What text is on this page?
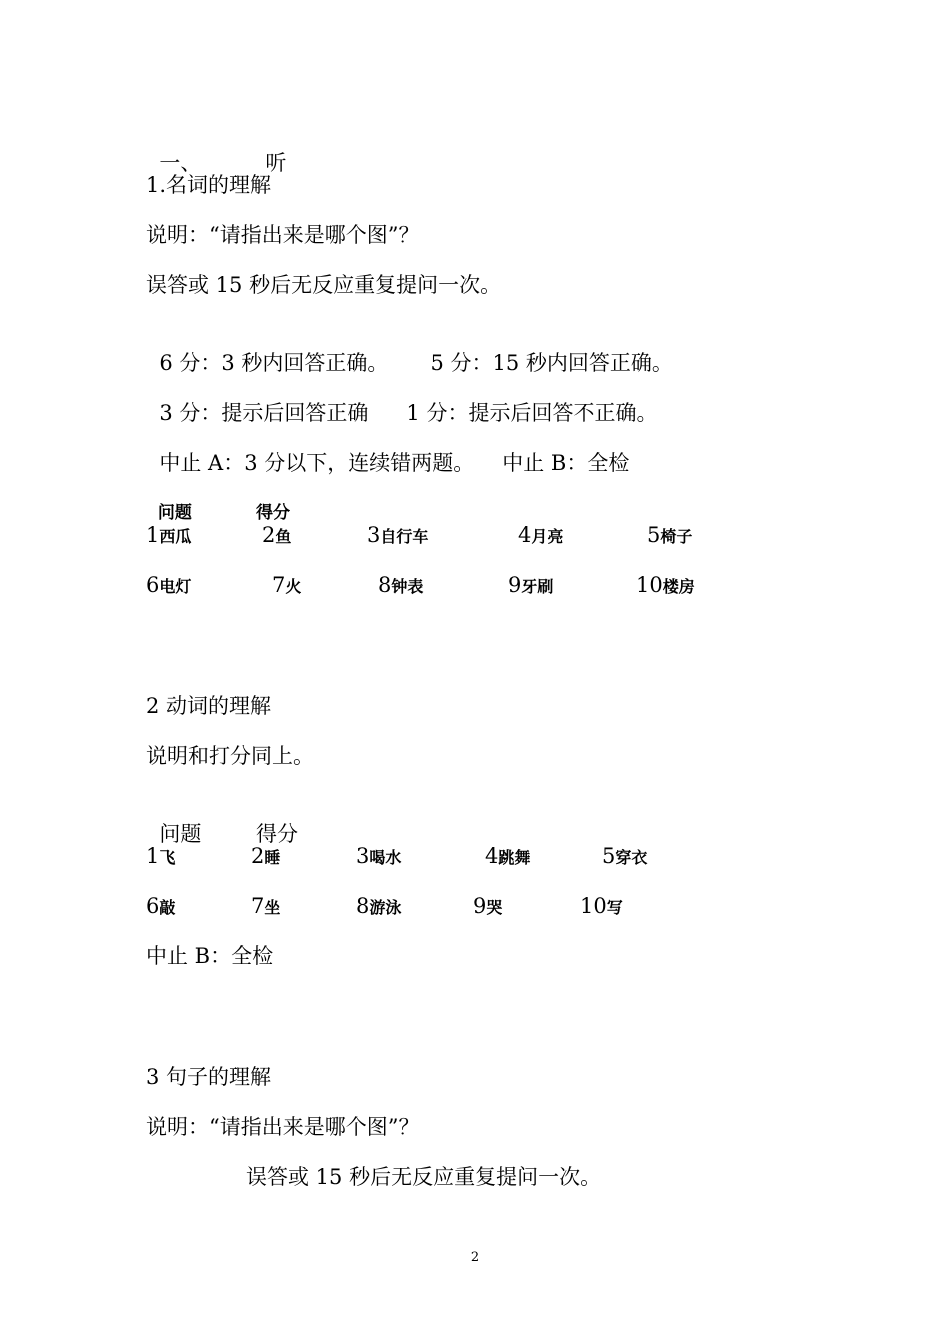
一、	听

1.名词的理解
说明：“请指出来是哪个图”？
误答或 15 秒后无反应重复提问一次。

6 分：3 秒内回答正确。 5 分：15 秒内回答正确。

3 分：提示后回答正确 1 分：提示后回答不正确。

中止 A：3 分以下，连续错两题。 中止 B：全检

问题	得分

1西瓜	2鱼	3自行车	4月亮	5椅子
6电灯	7火	8钟表	9牙刷	10楼房
2 动词的理解
说明和打分同上。

问题	得分

1飞	2睡	3喝水	4跳舞	5穿衣
6敲	7坐	8游泳	9哭	10写
中止 B：全检
3 句子的理解
说明：“请指出来是哪个图”？
误答或 15 秒后无反应重复提问一次。
2
